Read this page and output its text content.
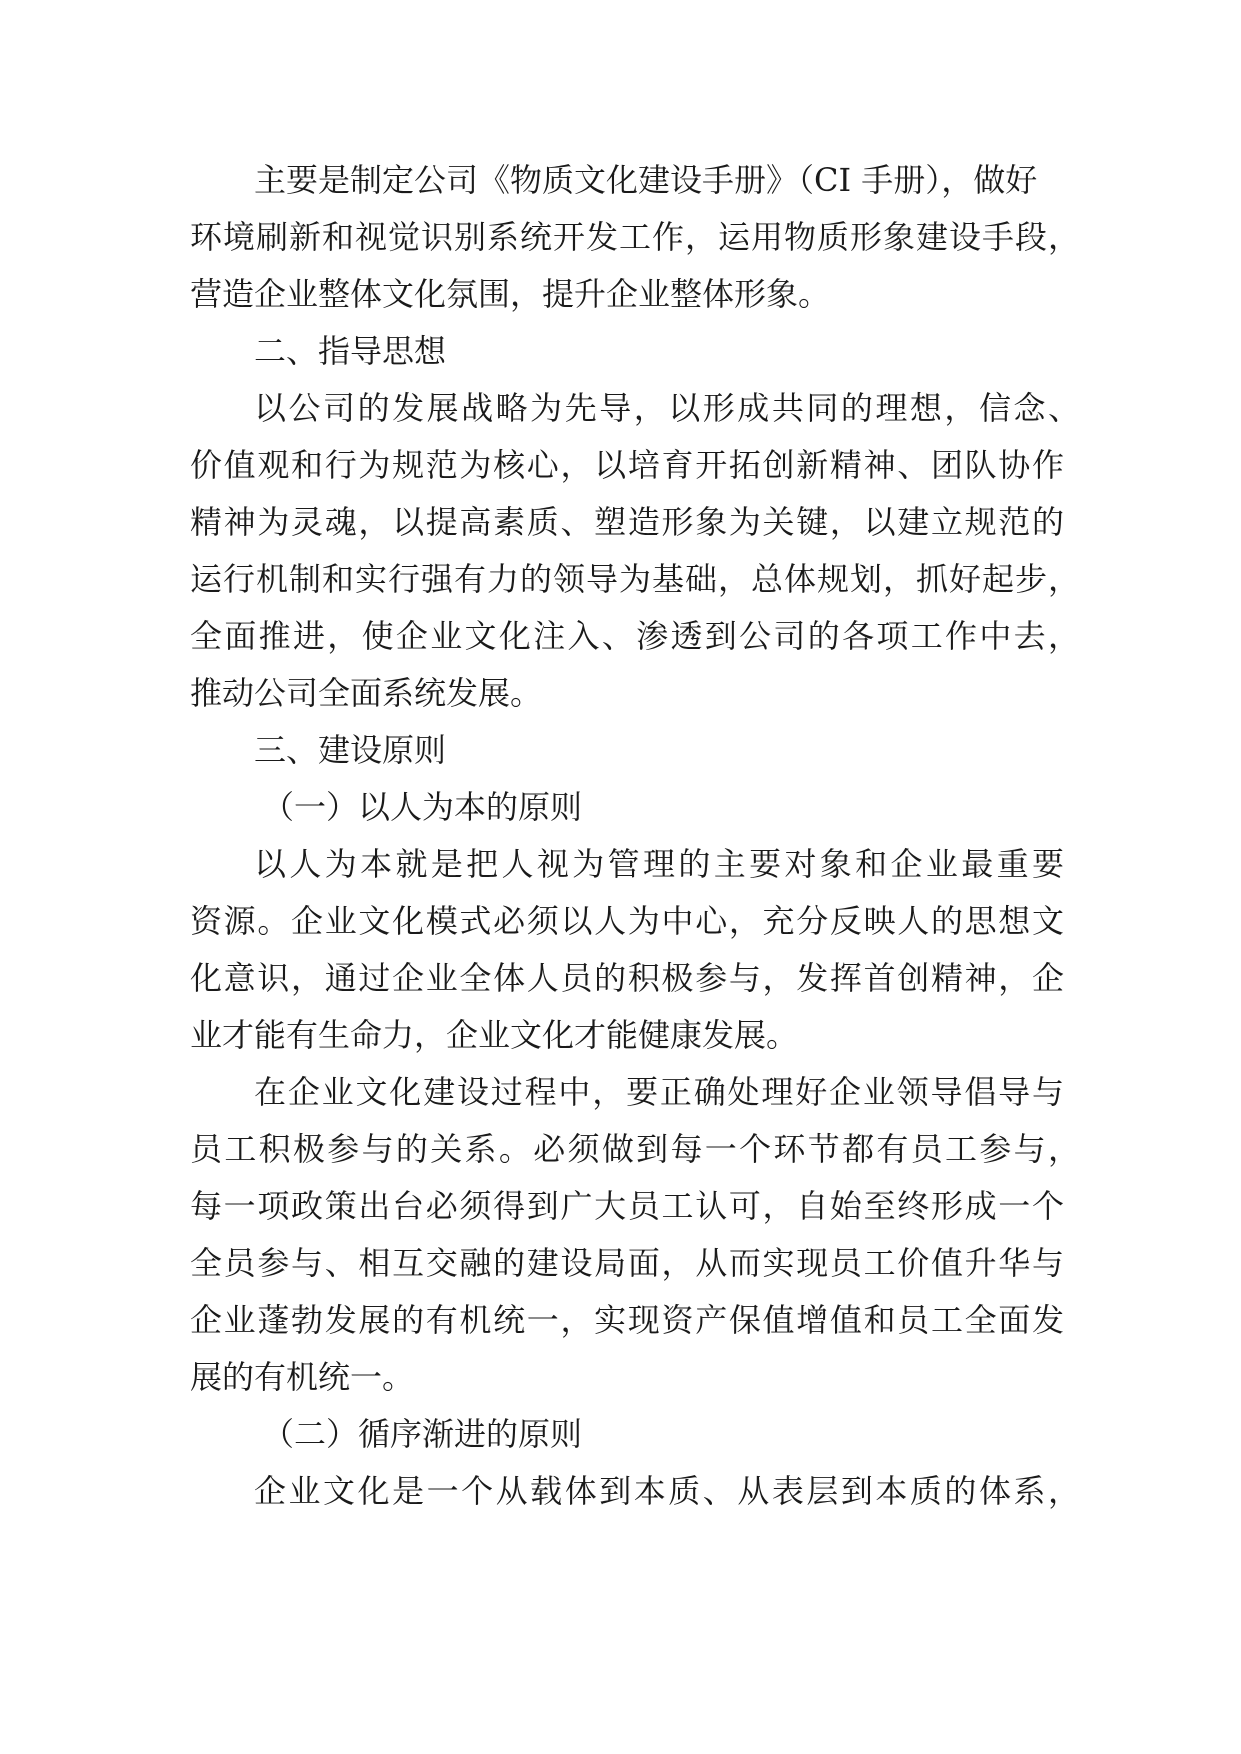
主要是制定公司《物质文化建设手册》（CI 手册），做好
环境刷新和视觉识别系统开发工作，运用物质形象建设手段，
营造企业整体文化氛围，提升企业整体形象。
二、指导思想
以公司的发展战略为先导，以形成共同的理想，信念、
价值观和行为规范为核心，以培育开拓创新精神、团队协作
精神为灵魂，以提高素质、塑造形象为关键，以建立规范的
运行机制和实行强有力的领导为基础，总体规划，抓好起步，
全面推进，使企业文化注入、渗透到公司的各项工作中去，
推动公司全面系统发展。
三、建设原则
（一）以人为本的原则
以人为本就是把人视为管理的主要对象和企业最重要
资源。企业文化模式必须以人为中心，充分反映人的思想文
化意识，通过企业全体人员的积极参与，发挥首创精神，企
业才能有生命力，企业文化才能健康发展。
在企业文化建设过程中，要正确处理好企业领导倡导与
员工积极参与的关系。必须做到每一个环节都有员工参与，
每一项政策出台必须得到广大员工认可，自始至终形成一个
全员参与、相互交融的建设局面，从而实现员工价值升华与
企业蓬勃发展的有机统一，实现资产保值增值和员工全面发
展的有机统一。
（二）循序渐进的原则
企业文化是一个从载体到本质、从表层到本质的体系，
